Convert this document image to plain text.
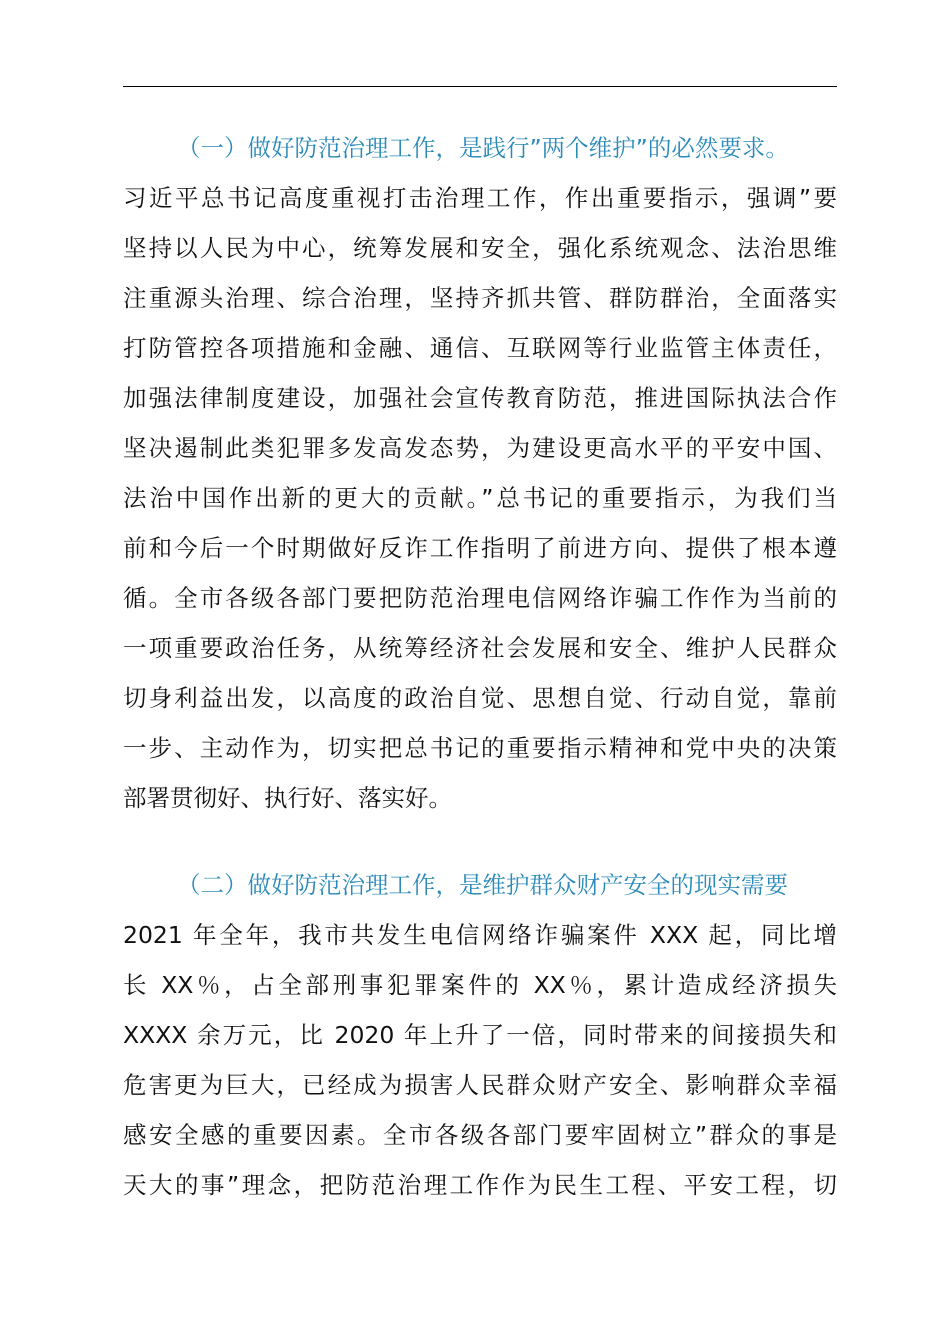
（一）做好防范治理工作，是践行”两个维护”的必然要求。
习近平总书记高度重视打击治理工作，作出重要指示，强调”要
坚持以人民为中心，统筹发展和安全，强化系统观念、法治思维
注重源头治理、综合治理，坚持齐抓共管、群防群治，全面落实
打防管控各项措施和金融、通信、互联网等行业监管主体责任，
加强法律制度建设，加强社会宣传教育防范，推进国际执法合作
坚决遏制此类犯罪多发高发态势，为建设更高水平的平安中国、
法治中国作出新的更大的贡献。”总书记的重要指示，为我们当
前和今后一个时期做好反诈工作指明了前进方向、提供了根本遵
循。全市各级各部门要把防范治理电信网络诈骗工作作为当前的
一项重要政治任务，从统筹经济社会发展和安全、维护人民群众
切身利益出发，以高度的政治自觉、思想自觉、行动自觉，靠前
一步、主动作为，切实把总书记的重要指示精神和党中央的决策
部署贯彻好、执行好、落实好。
（二）做好防范治理工作，是维护群众财产安全的现实需要
2021 年全年，我市共发生电信网络诈骗案件 XXX 起，同比增
长 XX％，占全部刑事犯罪案件的 XX％，累计造成经济损失
XXXX 余万元，比 2020 年上升了一倍，同时带来的间接损失和
危害更为巨大，已经成为损害人民群众财产安全、影响群众幸福
感安全感的重要因素。全市各级各部门要牢固树立”群众的事是
天大的事”理念，把防范治理工作作为民生工程、平安工程，切
